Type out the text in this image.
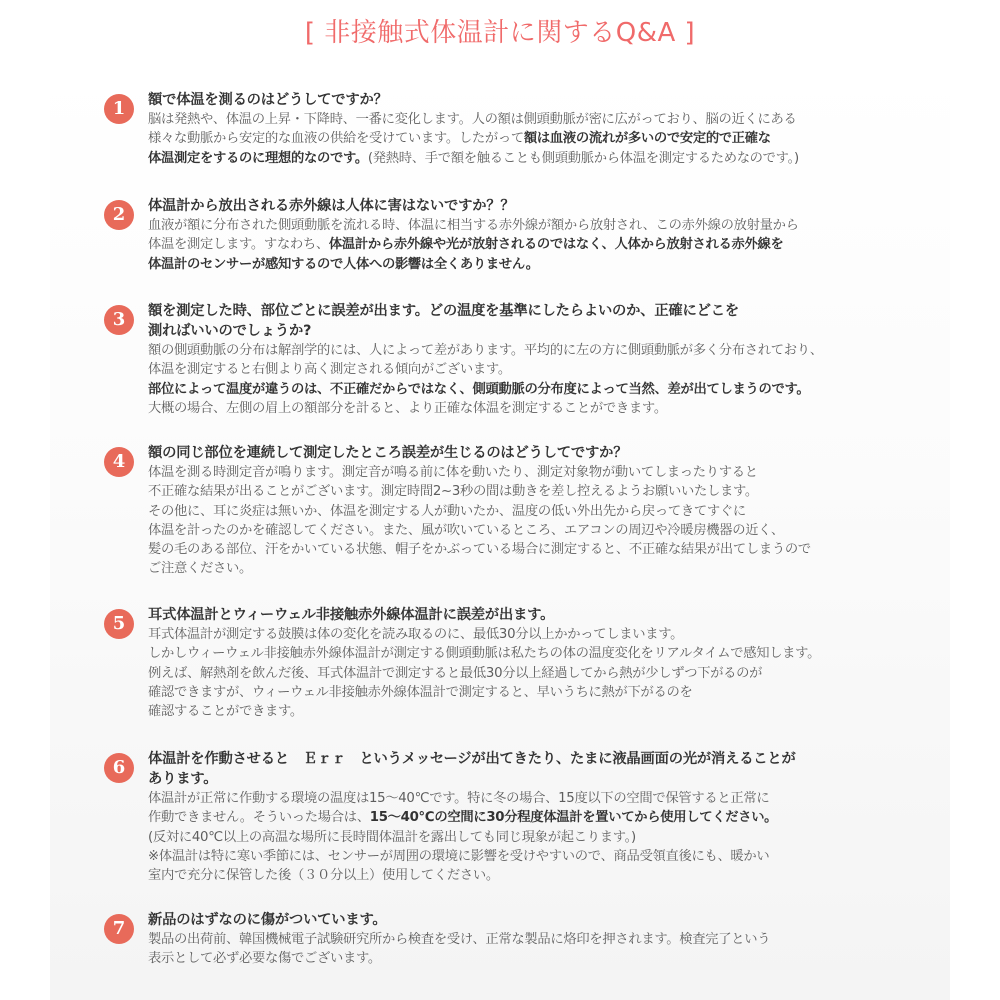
[ 非接触式体温計に関するQ&A ]
1	額で体温を測るのはどうしてですか？
脳は発熱や、体温の上昇・下降時、一番に変化します。人の額は側頭動脈が密に広がっており、脳の近くにある
様々な動脈から安定的な血液の供給を受けています。したがって額は血液の流れが多いので安定的で正確な
体温測定をするのに理想的なのです。(発熱時、手で額を触ることも側頭動脈から体温を測定するためなのです。)
2	体温計から放出される赤外線は人体に害はないですか？？
血液が額に分布された側頭動脈を流れる時、体温に相当する赤外線が額から放射され、この赤外線の放射量から
体温を測定します。すなわち、体温計から赤外線や光が放射されるのではなく、人体から放射される赤外線を
体温計のセンサーが感知するので人体への影響は全くありません。
3	額を測定した時、部位ごとに誤差が出ます。どの温度を基準にしたらよいのか、正確にどこを
測ればいいのでしょうか?
額の側頭動脈の分布は解剖学的には、人によって差があります。平均的に左の方に側頭動脈が多く分布されており、
体温を測定すると右側より高く測定される傾向がございます。
部位によって温度が違うのは、不正確だからではなく、側頭動脈の分布度によって当然、差が出てしまうのです。
大概の場合、左側の眉上の額部分を計ると、より正確な体温を測定することができます。
4	額の同じ部位を連続して測定したところ誤差が生じるのはどうしてですか？
体温を測る時測定音が鳴ります。測定音が鳴る前に体を動いたり、測定対象物が動いてしまったりすると
不正確な結果が出ることがございます。測定時間2~3秒の間は動きを差し控えるようお願いいたします。
その他に、耳に炎症は無いか、体温を測定する人が動いたか、温度の低い外出先から戻ってきてすぐに
体温を計ったのかを確認してください。また、風が吹いているところ、エアコンの周辺や冷暖房機器の近く、
髪の毛のある部位、汗をかいている状態、帽子をかぶっている場合に測定すると、不正確な結果が出てしまうので
ご注意ください。
5	耳式体温計とウィーウェル非接触赤外線体温計に誤差が出ます。
耳式体温計が測定する鼓膜は体の変化を読み取るのに、最低30分以上かかってしまいます。
しかしウィーウェル非接触赤外線体温計が測定する側頭動脈は私たちの体の温度変化をリアルタイムで感知します。
例えば、解熱剤を飲んだ後、耳式体温計で測定すると最低30分以上経過してから熱が少しずつ下がるのが
確認できますが、ウィーウェル非接触赤外線体温計で測定すると、早いうちに熱が下がるのを
確認することができます。
6	体温計を作動させると　Ｅｒｒ　というメッセージが出てきたり、たまに液晶画面の光が消えることが
あります。
体温計が正常に作動する環境の温度は15～40℃です。特に冬の場合、15度以下の空間で保管すると正常に
作動できません。そういった場合は、15～40℃の空間に30分程度体温計を置いてから使用してください。
(反対に40℃以上の高温な場所に長時間体温計を露出しても同じ現象が起こります。)
※体温計は特に寒い季節には、センサーが周囲の環境に影響を受けやすいので、商品受領直後にも、暖かい
室内で充分に保管した後（３０分以上）使用してください。
7	新品のはずなのに傷がついています。
製品の出荷前、韓国機械電子試験研究所から検査を受け、正常な製品に烙印を押されます。検査完了という
表示として必ず必要な傷でございます。
